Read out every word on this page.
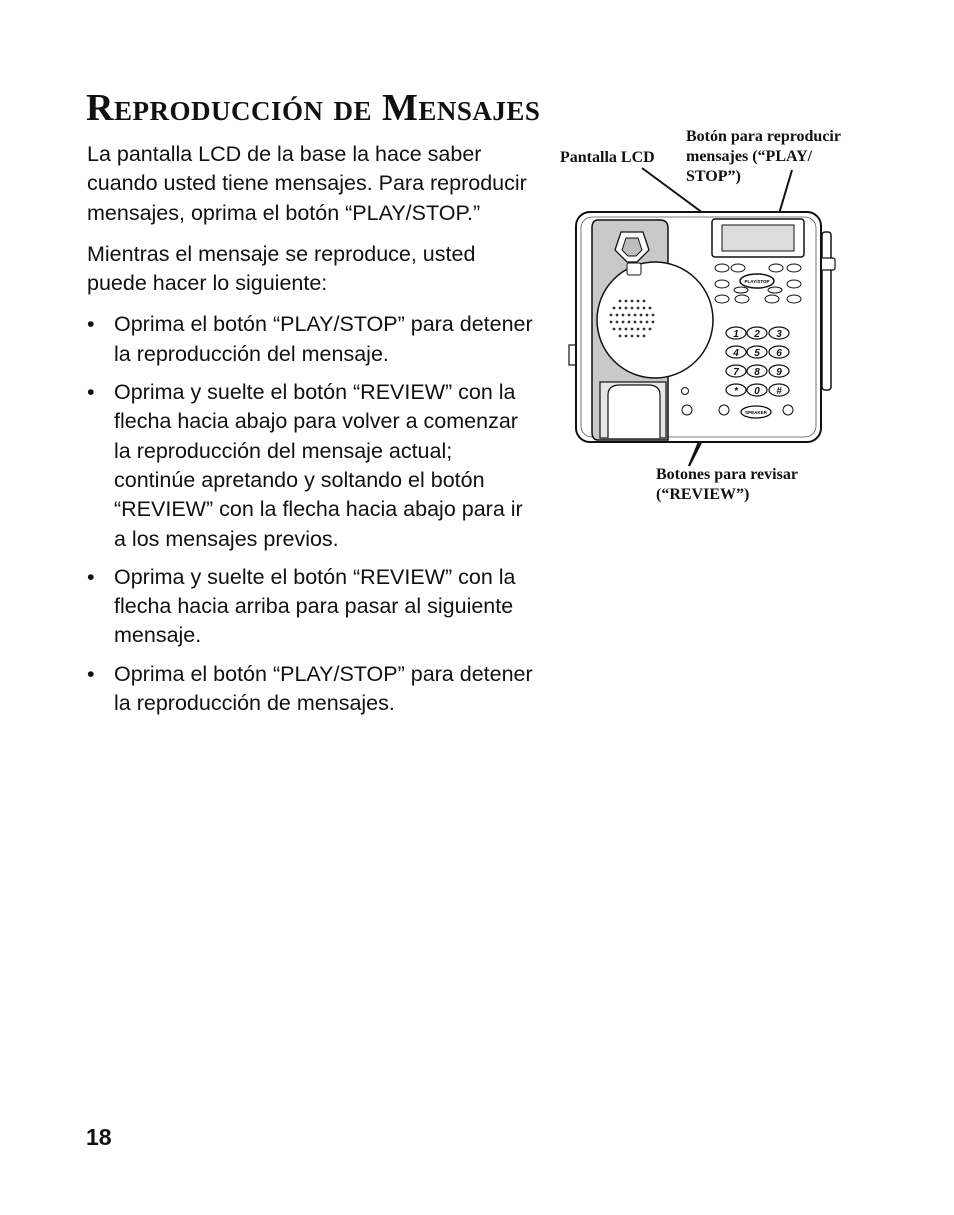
Reproducción de Mensajes

La pantalla LCD de la base la hace saber cuando usted tiene mensajes. Para reproducir mensajes, oprima el botón “PLAY/STOP.”

Mientras el mensaje se reproduce, usted puede hacer lo siguiente:

• Oprima el botón “PLAY/STOP” para detener la reproducción del mensaje.
• Oprima y suelte el botón “REVIEW” con la flecha hacia abajo para volver a comenzar la reproducción del mensaje actual; continúe apretando y soltando el botón “REVIEW” con la flecha hacia abajo para ir a los mensajes previos.
• Oprima y suelte el botón “REVIEW” con la flecha hacia arriba para pasar al siguiente mensaje.
• Oprima el botón “PLAY/STOP” para detener la reproducción de mensajes.
Pantalla LCD
Botón para reproducir
mensajes (“PLAY/
STOP”)
Botones para revisar
(“REVIEW”)
PLAY/STOP
1 2 3
4 5 6
7 8 9
* 0 #
SPEAKER
18
